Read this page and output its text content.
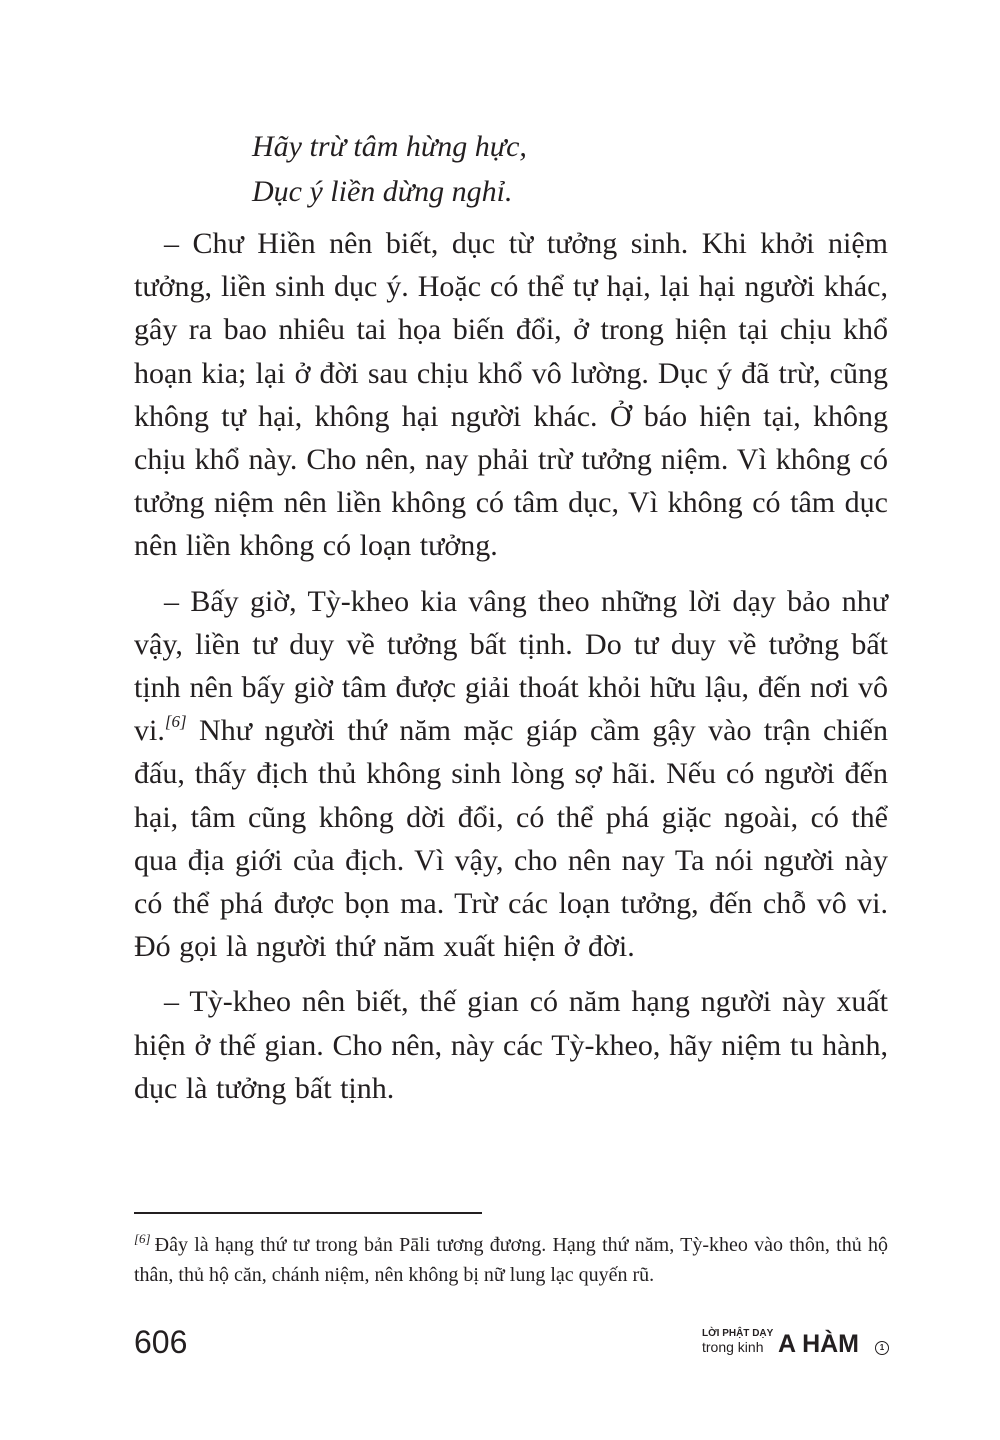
Hãy trừ tâm hừng hực,
Dục ý liền dừng nghỉ.

– Chư Hiền nên biết, dục từ tưởng sinh. Khi khởi niệm tưởng, liền sinh dục ý. Hoặc có thể tự hại, lại hại người khác, gây ra bao nhiêu tai họa biến đổi, ở trong hiện tại chịu khổ hoạn kia; lại ở đời sau chịu khổ vô lường. Dục ý đã trừ, cũng không tự hại, không hại người khác. Ở báo hiện tại, không chịu khổ này. Cho nên, nay phải trừ tưởng niệm. Vì không có tưởng niệm nên liền không có tâm dục, Vì không có tâm dục nên liền không có loạn tưởng.

– Bấy giờ, Tỳ-kheo kia vâng theo những lời dạy bảo như vậy, liền tư duy về tưởng bất tịnh. Do tư duy về tưởng bất tịnh nên bấy giờ tâm được giải thoát khỏi hữu lậu, đến nơi vô vi.[6] Như người thứ năm mặc giáp cầm gậy vào trận chiến đấu, thấy địch thủ không sinh lòng sợ hãi. Nếu có người đến hại, tâm cũng không dời đổi, có thể phá giặc ngoài, có thể qua địa giới của địch. Vì vậy, cho nên nay Ta nói người này có thể phá được bọn ma. Trừ các loạn tưởng, đến chỗ vô vi. Đó gọi là người thứ năm xuất hiện ở đời.

– Tỳ-kheo nên biết, thế gian có năm hạng người này xuất hiện ở thế gian. Cho nên, này các Tỳ-kheo, hãy niệm tu hành, dục là tưởng bất tịnh.

[6] Đây là hạng thứ tư trong bản Pāli tương đương. Hạng thứ năm, Tỳ-kheo vào thôn, thủ hộ thân, thủ hộ căn, chánh niệm, nên không bị nữ lung lạc quyến rũ.
606	LỜI PHẬT DẠY
trong kinh A HÀM	1
